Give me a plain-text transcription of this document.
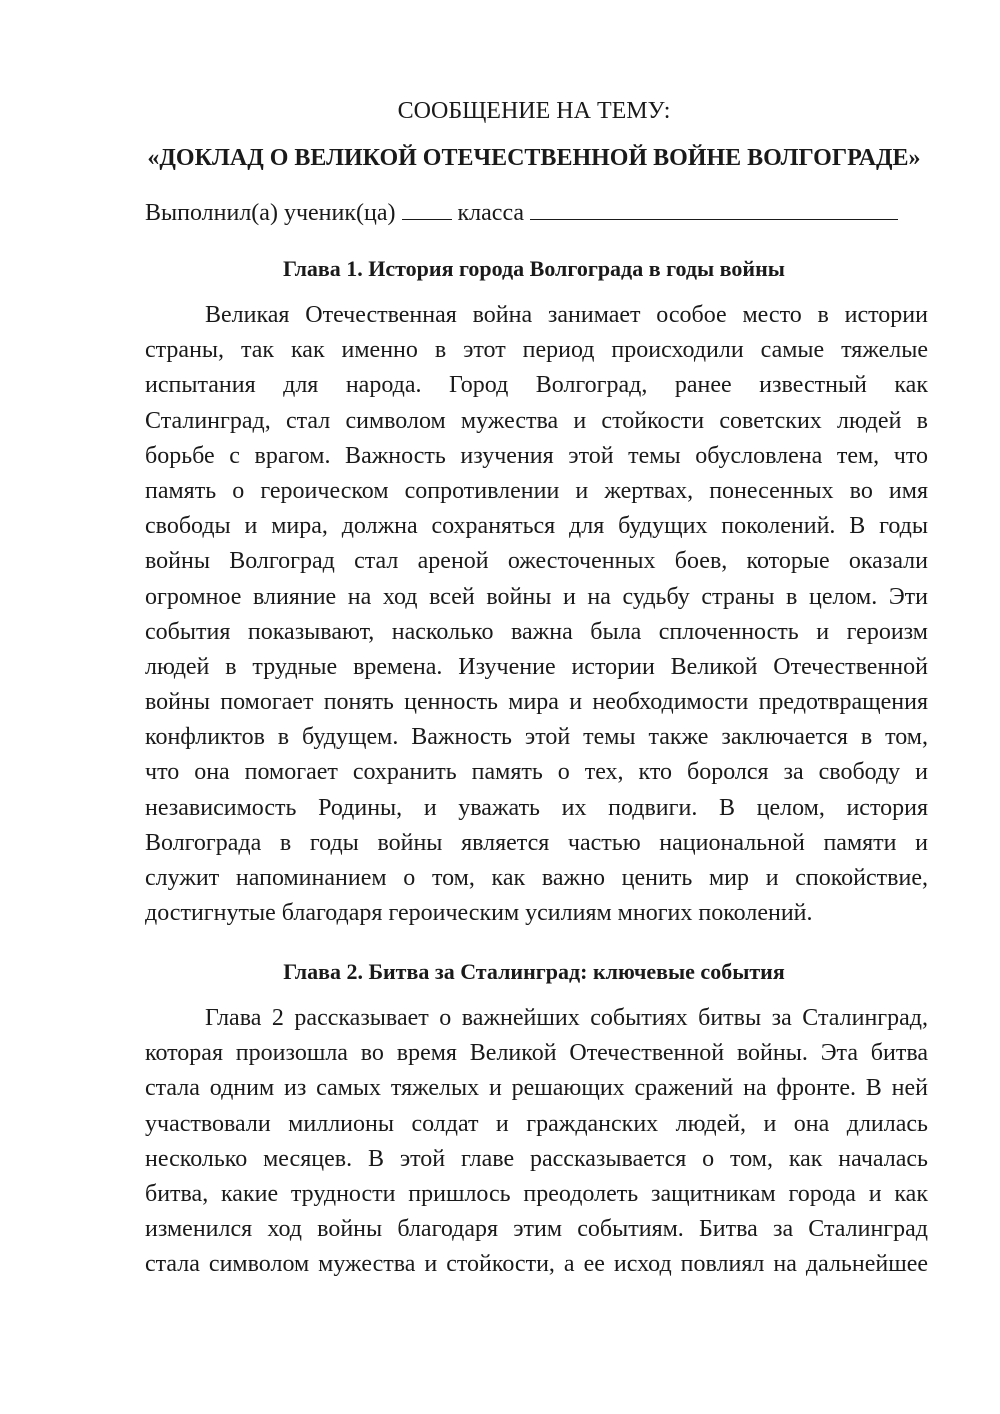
СООБЩЕНИЕ НА ТЕМУ:
«ДОКЛАД О ВЕЛИКОЙ ОТЕЧЕСТВЕННОЙ ВОЙНЕ ВОЛГОГРАДЕ»
Выполнил(а) ученик(ца)	класса
Глава 1. История города Волгограда в годы войны
Великая Отечественная война занимает особое место в истории
страны, так как именно в этот период происходили самые тяжелые
испытания для народа. Город Волгоград, ранее известный как
Сталинград, стал символом мужества и стойкости советских людей в
борьбе с врагом. Важность изучения этой темы обусловлена тем, что
память о героическом сопротивлении и жертвах, понесенных во имя
свободы и мира, должна сохраняться для будущих поколений. В годы
войны Волгоград стал ареной ожесточенных боев, которые оказали
огромное влияние на ход всей войны и на судьбу страны в целом. Эти
события показывают, насколько важна была сплоченность и героизм
людей в трудные времена. Изучение истории Великой Отечественной
войны помогает понять ценность мира и необходимости предотвращения
конфликтов в будущем. Важность этой темы также заключается в том,
что она помогает сохранить память о тех, кто боролся за свободу и
независимость Родины, и уважать их подвиги. В целом, история
Волгограда в годы войны является частью национальной памяти и
служит напоминанием о том, как важно ценить мир и спокойствие,
достигнутые благодаря героическим усилиям многих поколений.
Глава 2. Битва за Сталинград: ключевые события
Глава 2 рассказывает о важнейших событиях битвы за Сталинград,
которая произошла во время Великой Отечественной войны. Эта битва
стала одним из самых тяжелых и решающих сражений на фронте. В ней
участвовали миллионы солдат и гражданских людей, и она длилась
несколько месяцев. В этой главе рассказывается о том, как началась
битва, какие трудности пришлось преодолеть защитникам города и как
изменился ход войны благодаря этим событиям. Битва за Сталинград
стала символом мужества и стойкости, а ее исход повлиял на дальнейшее
